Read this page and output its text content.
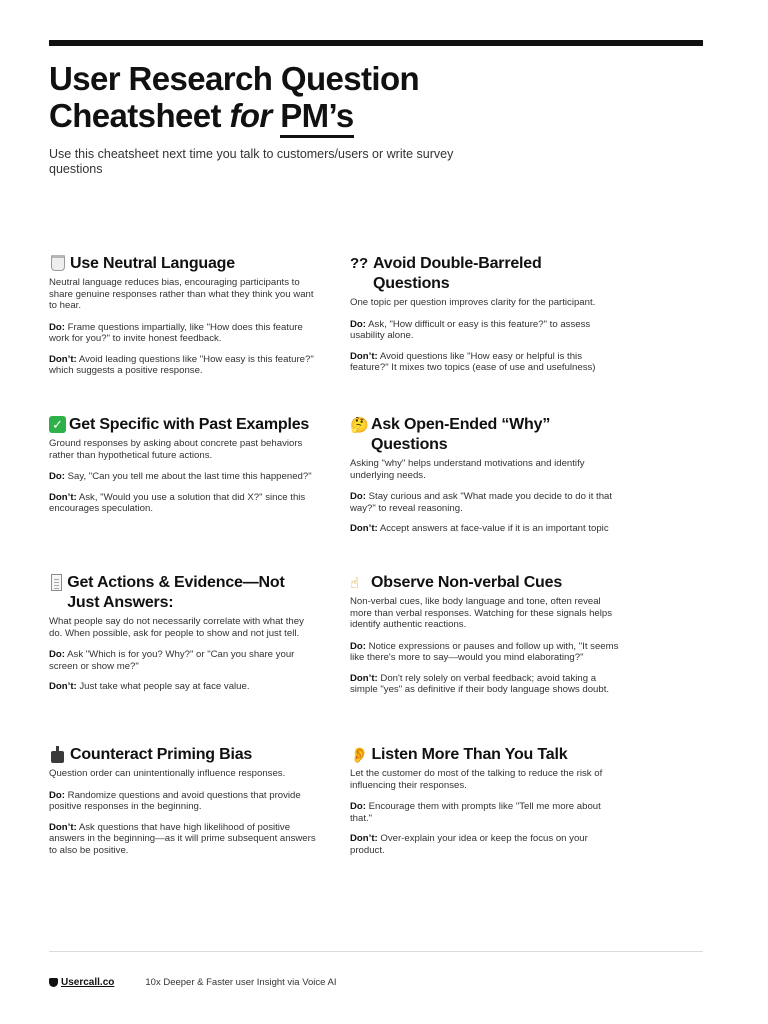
User Research Question
Cheatsheet for PM’s

Use this cheatsheet next time you talk to customers/users or write survey questions

Use Neutral Language

Neutral language reduces bias, encouraging participants to share genuine responses rather than what they think you want to hear.

Do: Frame questions impartially, like "How does this feature work for you?" to invite honest feedback.

Don’t: Avoid leading questions like "How easy is this feature?" which suggests a positive response.

?? Avoid Double-Barreled Questions

One topic per question improves clarity for the participant.

Do: Ask, "How difficult or easy is this feature?" to assess usability alone.

Don’t: Avoid questions like "How easy or helpful is this feature?" It mixes two topics (ease of use and usefulness)

✓ Get Specific with Past Examples

Ground responses by asking about concrete past behaviors rather than hypothetical future actions.

Do: Say, "Can you tell me about the last time this happened?"

Don’t: Ask, "Would you use a solution that did X?" since this encourages speculation.

🤔 Ask Open-Ended “Why” Questions

Asking "why" helps understand motivations and identify underlying needs.

Do: Stay curious and ask "What made you decide to do it that way?" to reveal reasoning.

Don’t: Accept answers at face-value if it is an important topic

Get Actions & Evidence—Not Just Answers:

What people say do not necessarily correlate with what they do. When possible, ask for people to show and not just tell.

Do: Ask "Which is for you? Why?" or "Can you share your screen or show me?"

Don’t: Just take what people say at face value.

☝ Observe Non-verbal Cues

Non-verbal cues, like body language and tone, often reveal more than verbal responses. Watching for these signals helps identify authentic reactions.

Do: Notice expressions or pauses and follow up with, "It seems like there's more to say—would you mind elaborating?"

Don’t: Don't rely solely on verbal feedback; avoid taking a simple "yes" as definitive if their body language shows doubt.

Counteract Priming Bias

Question order can unintentionally influence responses.

Do: Randomize questions and avoid questions that provide positive responses in the beginning.

Don’t: Ask questions that have high likelihood of positive answers in the beginning—as it will prime subsequent answers to also be positive.

👂 Listen More Than You Talk

Let the customer do most of the talking to reduce the risk of influencing their responses.

Do: Encourage them with prompts like "Tell me more about that."

Don’t: Over-explain your idea or keep the focus on your product.

Usercall.co	10x Deeper & Faster user Insight via Voice AI
